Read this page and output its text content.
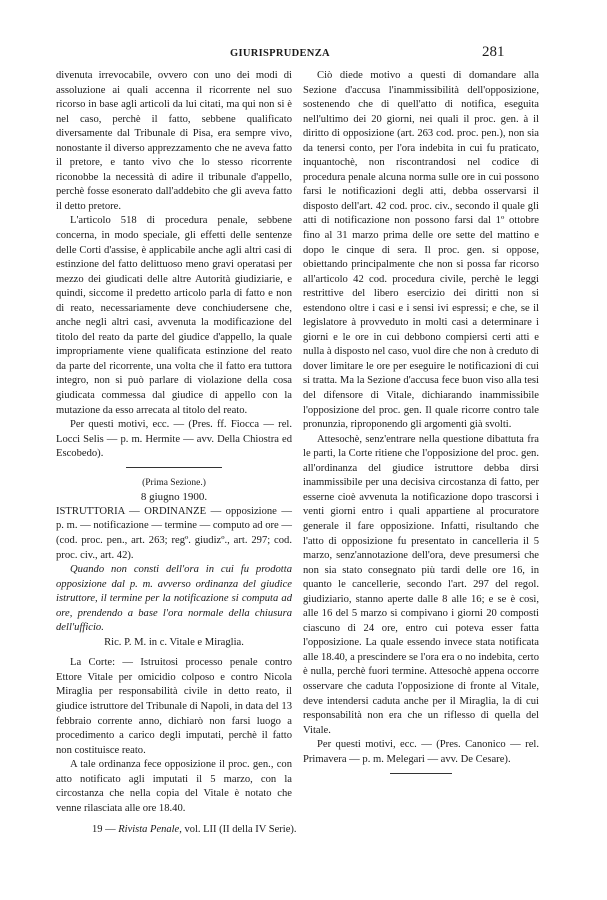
GIURISPRUDENZA	281

divenuta irrevocabile, ovvero con uno dei modi di assoluzione ai quali accenna il ricorrente nel suo ricorso in base agli articoli da lui citati, ma qui non si è nel caso, perchè il fatto, sebbene qualificato diversamente dal Tribunale di Pisa, era sempre vivo, nonostante il diverso apprezzamento che ne aveva fatto il pretore, e tanto vivo che lo stesso ricorrente riconobbe la necessità di adire il tribunale d'appello, perchè fosse esonerato dall'addebito che gli aveva fatto il detto pretore.

L'articolo 518 di procedura penale, sebbene concerna, in modo speciale, gli effetti delle sentenze delle Corti d'assise, è applicabile anche agli altri casi di estinzione del fatto delittuoso meno gravi operatasi per mezzo dei giudicati delle altre Autorità giudiziarie, e quindi, siccome il predetto articolo parla di fatto e non di reato, necessariamente deve conchiudersene che, anche negli altri casi, avvenuta la modificazione del titolo del reato da parte del giudice d'appello, la quale impropriamente viene qualificata estinzione del reato da parte del ricorrente, una volta che il fatto era tuttora integro, non si può parlare di violazione della cosa giudicata commessa dal giudice di appello con la mutazione da esso arrecata al titolo del reato.

Per questi motivi, ecc. — (Pres. ff. Fiocca — rel. Locci Selis — p. m. Hermite — avv. Della Chiostra ed Escobedo).

(Prima Sezione.)

8 giugno 1900.

ISTRUTTORIA — ORDINANZE — opposizione — p. m. — notificazione — termine — computo ad ore — (cod. proc. pen., art. 263; regº. giudizº., art. 297; cod. proc. civ., art. 42).

Quando non consti dell'ora in cui fu prodotta opposizione dal p. m. avverso ordinanza del giudice istruttore, il termine per la notificazione si computa ad ore, prendendo a base l'ora normale della chiusura dell'ufficio.

Ric. P. M. in c. Vitale e Miraglia.

La Corte: — Istruitosi processo penale contro Ettore Vitale per omicidio colposo e contro Nicola Miraglia per responsabilità civile in detto reato, il giudice istruttore del Tribunale di Napoli, in data del 13 febbraio corrente anno, dichiarò non farsi luogo a procedimento a carico degli imputati, perchè il fatto non costituisce reato.

A tale ordinanza fece opposizione il proc. gen., con atto notificato agli imputati il 5 marzo, con la circostanza che nella copia del Vitale è notato che venne rilasciata alle ore 18.40.

Ciò diede motivo a questi di domandare alla Sezione d'accusa l'inammissibilità dell'opposizione, sostenendo che di quell'atto di notifica, eseguita nell'ultimo dei 20 giorni, nei quali il proc. gen. à il diritto di opposizione (art. 263 cod. proc. pen.), non sia da tenersi conto, per l'ora indebita in cui fu praticato, inquantochè, non riscontrandosi nel codice di procedura penale alcuna norma sulle ore in cui possono farsi le notificazioni degli atti, debba osservarsi il disposto dell'art. 42 cod. proc. civ., secondo il quale gli atti di notificazione non possono farsi dal 1º ottobre fino al 31 marzo prima delle ore sette del mattino e dopo le cinque di sera. Il proc. gen. si oppose, obiettando principalmente che non si possa far ricorso all'articolo 42 cod. procedura civile, perchè le leggi restrittive del libero esercizio dei diritti non si estendono oltre i casi e i sensi ivi espressi; e che, se il legislatore à provveduto in molti casi a determinare i giorni e le ore in cui debbono compiersi certi atti e nulla à disposto nel caso, vuol dire che non à creduto di dover limitare le ore per eseguire le notificazioni di cui si tratta. Ma la Sezione d'accusa fece buon viso alla tesi del difensore di Vitale, dichiarando inammissibile l'opposizione del proc. gen. Il quale ricorre contro tale pronunzia, riproponendo gli argomenti già svolti.

Attesochè, senz'entrare nella questione dibattuta fra le parti, la Corte ritiene che l'opposizione del proc. gen. all'ordinanza del giudice istruttore debba dirsi inammissibile per una decisiva circostanza di fatto, per esserne cioè avvenuta la notificazione dopo trascorsi i venti giorni entro i quali appartiene al procuratore generale il fare opposizione. Infatti, risultando che l'atto di opposizione fu presentato in cancelleria il 5 marzo, senz'annotazione dell'ora, deve presumersi che non sia stato consegnato più tardi delle ore 16, in quanto le cancellerie, secondo l'art. 297 del regol. giudiziario, stanno aperte dalle 8 alle 16; e se è così, alle 16 del 5 marzo si compivano i giorni 20 composti ciascuno di 24 ore, entro cui poteva esser fatta l'opposizione. La quale essendo invece stata notificata alle 18.40, a prescindere se l'ora era o no indebita, certo è nulla, perchè fuori termine. Attesochè appena occorre osservare che caduta l'opposizione di fronte al Vitale, deve intendersi caduta anche per il Miraglia, la di cui responsabilità non era che un riflesso di quella del Vitale.

Per questi motivi, ecc. — (Pres. Canonico — rel. Primavera — p. m. Melegari — avv. De Cesare).

19 — Rivista Penale, vol. LII (II della IV Serie).
